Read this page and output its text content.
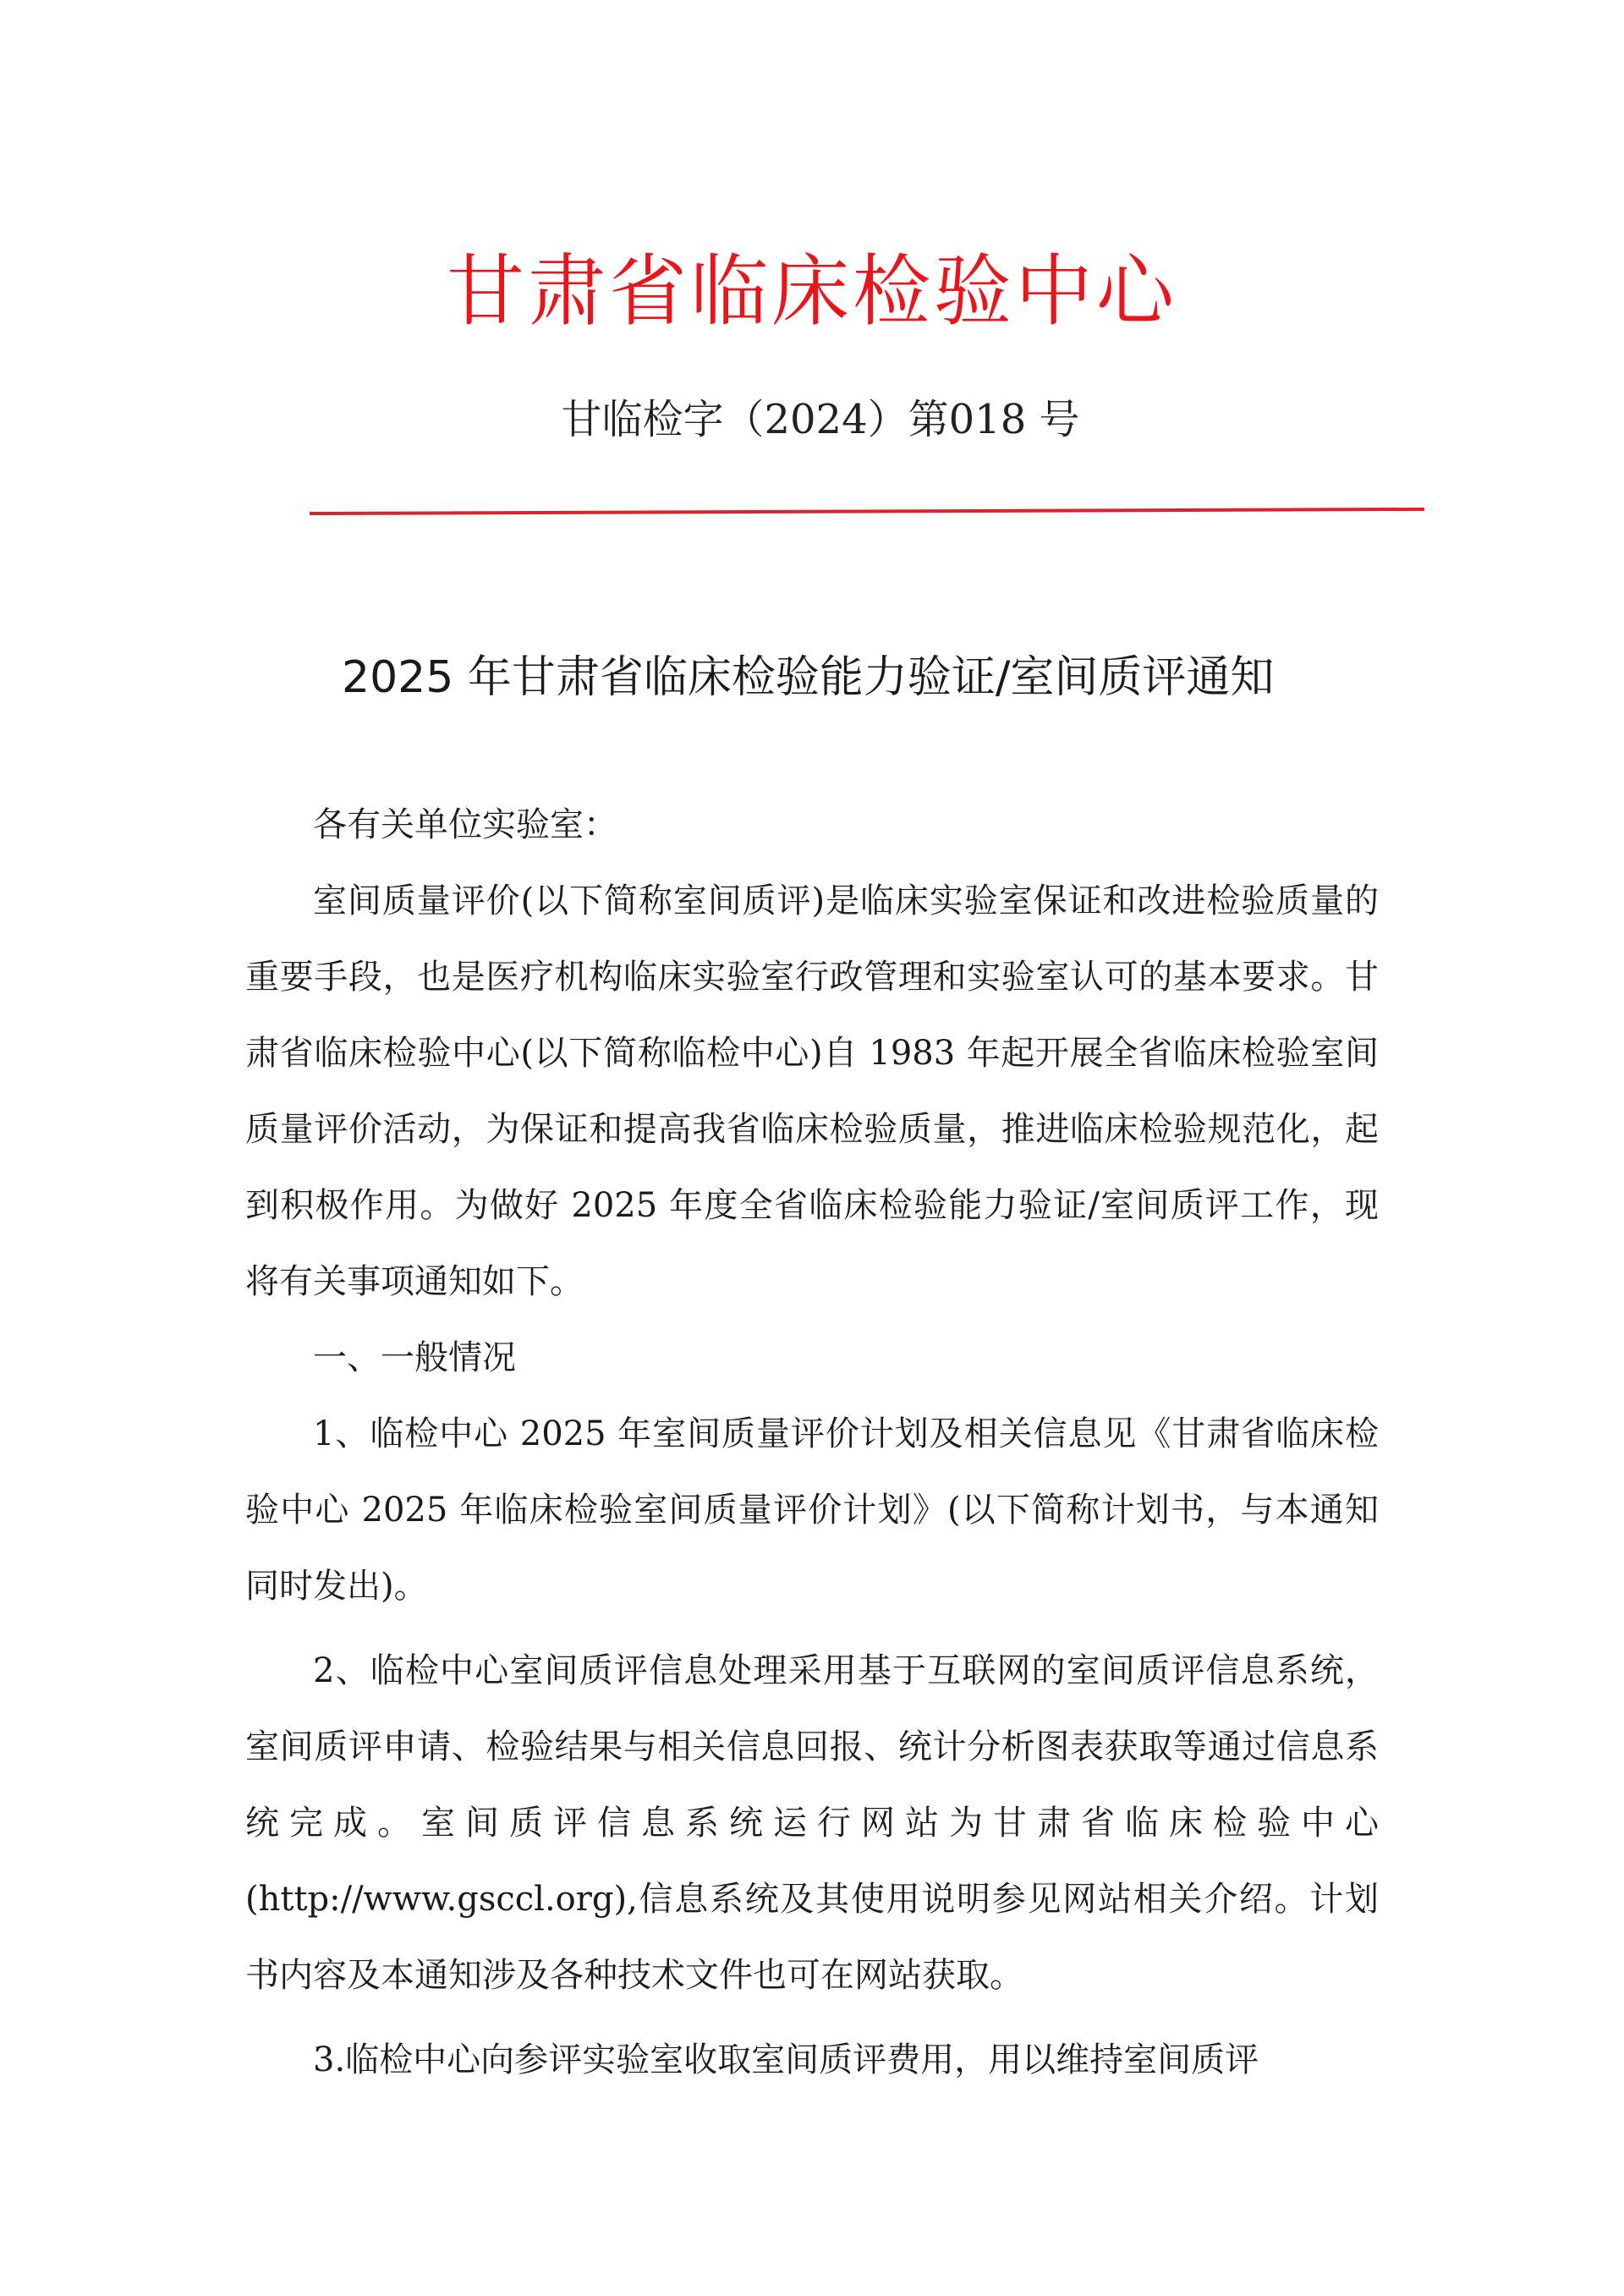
甘肃省临床检验中心
甘临检字（2024）第018 号
2025 年甘肃省临床检验能力验证/室间质评通知

各有关单位实验室：

室间质量评价(以下简称室间质评)是临床实验室保证和改进检验质量的重要手段，也是医疗机构临床实验室行政管理和实验室认可的基本要求。甘肃省临床检验中心(以下简称临检中心)自 1983 年起开展全省临床检验室间质量评价活动，为保证和提高我省临床检验质量，推进临床检验规范化，起到积极作用。为做好 2025 年度全省临床检验能力验证/室间质评工作，现将有关事项通知如下。

一、一般情况

1、临检中心 2025 年室间质量评价计划及相关信息见《甘肃省临床检验中心 2025 年临床检验室间质量评价计划》(以下简称计划书，与本通知同时发出)。

2、临检中心室间质评信息处理采用基于互联网的室间质评信息系统，室间质评申请、检验结果与相关信息回报、统计分析图表获取等通过信息系统完成。室间质评信息系统运行网站为甘肃省临床检验中心(http://www.gsccl.org),信息系统及其使用说明参见网站相关介绍。计划书内容及本通知涉及各种技术文件也可在网站获取。

3.临检中心向参评实验室收取室间质评费用，用以维持室间质评
